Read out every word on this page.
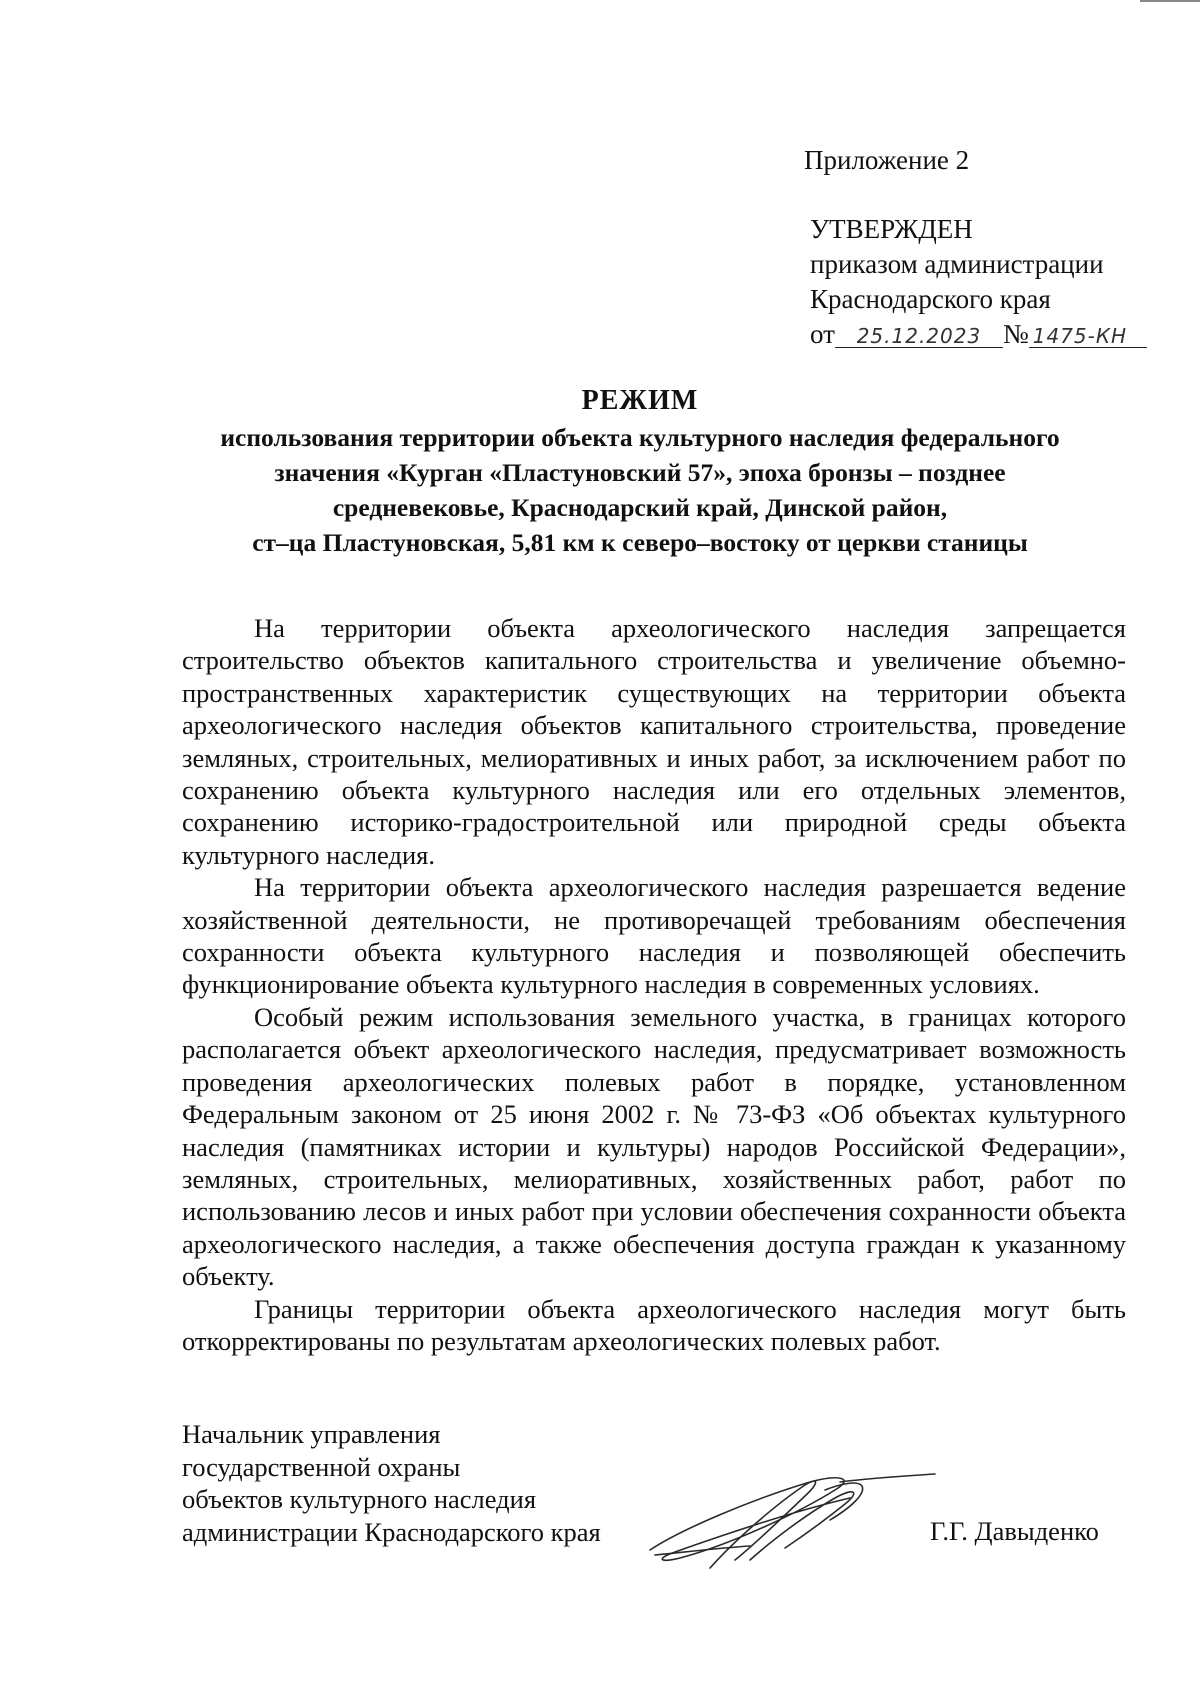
Приложение 2
УТВЕРЖДЕН
приказом администрации
Краснодарского края
от 25.12.2023 № 1475-КН
РЕЖИМ
использования территории объекта культурного наследия федерального
значения «Курган «Пластуновский 57», эпоха бронзы – позднее
средневековье, Краснодарский край, Динской район,
ст–ца Пластуновская, 5,81 км к северо–востоку от церкви станицы

На территории объекта археологического наследия запрещается строительство объектов капитального строительства и увеличение объемно-пространственных характеристик существующих на территории объекта археологического наследия объектов капитального строительства, проведение земляных, строительных, мелиоративных и иных работ, за исключением работ по сохранению объекта культурного наследия или его отдельных элементов, сохранению историко-градостроительной или природной среды объекта культурного наследия.

На территории объекта археологического наследия разрешается ведение хозяйственной деятельности, не противоречащей требованиям обеспечения сохранности объекта культурного наследия и позволяющей обеспечить функционирование объекта культурного наследия в современных условиях.

Особый режим использования земельного участка, в границах которого располагается объект археологического наследия, предусматривает возможность проведения археологических полевых работ в порядке, установленном Федеральным законом от 25 июня 2002 г. № 73-ФЗ «Об объектах культурного наследия (памятниках истории и культуры) народов Российской Федерации», земляных, строительных, мелиоративных, хозяйственных работ, работ по использованию лесов и иных работ при условии обеспечения сохранности объекта археологического наследия, а также обеспечения доступа граждан к указанному объекту.

Границы территории объекта археологического наследия могут быть откорректированы по результатам археологических полевых работ.

Начальник управления
государственной охраны
объектов культурного наследия
администрации Краснодарского края	Г.Г. Давыденко
